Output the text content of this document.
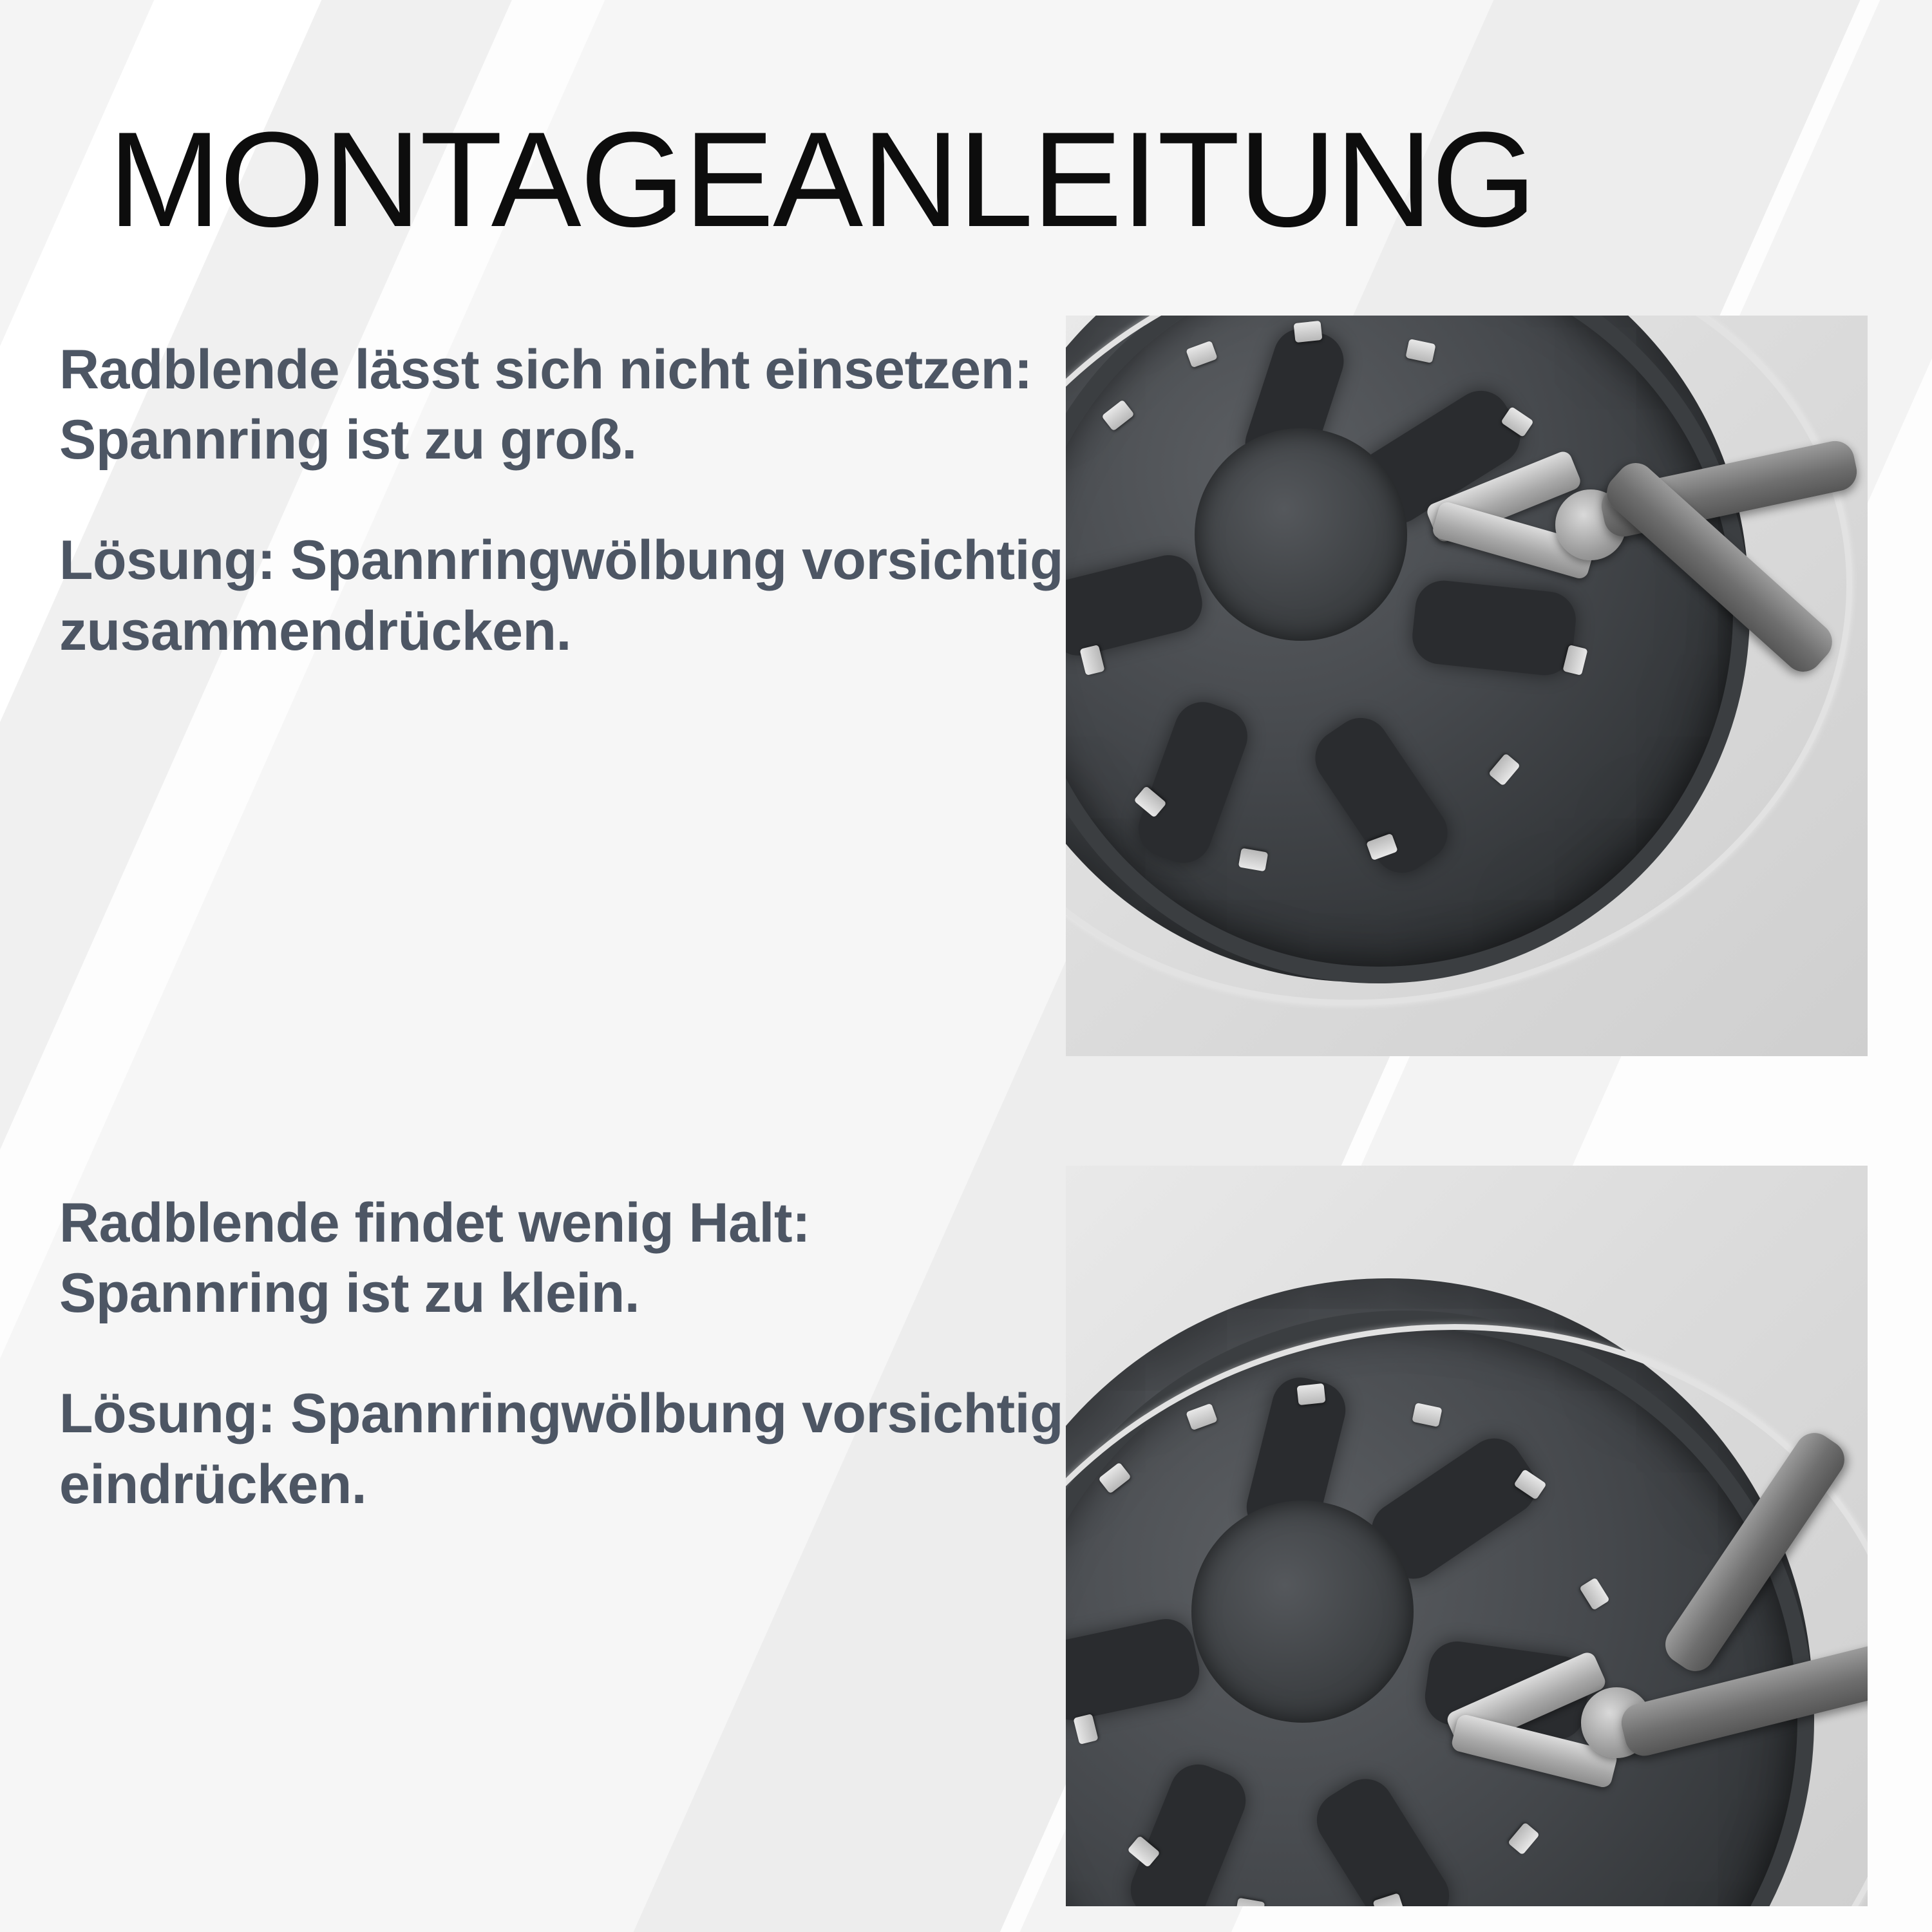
MONTAGEANLEITUNG

Radblende lässt sich nicht einsetzen: Spannring ist zu groß.

Lösung: Spannringwölbung vorsichtig zusammendrücken.

Radblende findet wenig Halt: Spannring ist zu klein.

Lösung: Spannringwölbung vorsichtig eindrücken.
